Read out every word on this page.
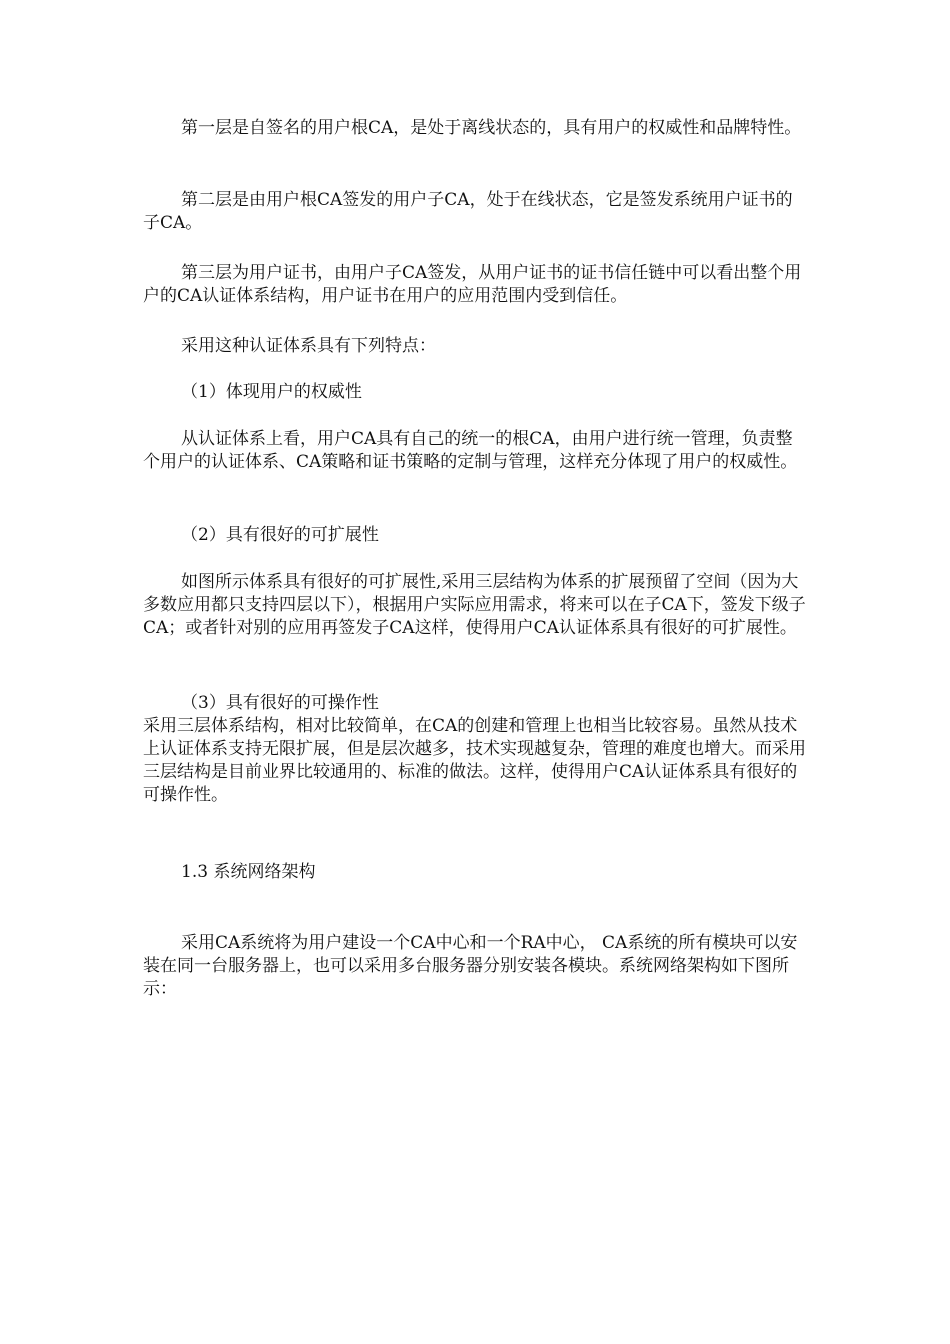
第一层是自签名的用户根CA，是处于离线状态的，具有用户的权威性和品牌特性。

第二层是由用户根CA签发的用户子CA，处于在线状态，它是签发系统用户证书的子CA。

第三层为用户证书，由用户子CA签发，从用户证书的证书信任链中可以看出整个用户的CA认证体系结构，用户证书在用户的应用范围内受到信任。

采用这种认证体系具有下列特点：

（1）体现用户的权威性

从认证体系上看，用户CA具有自己的统一的根CA，由用户进行统一管理，负责整个用户的认证体系、CA策略和证书策略的定制与管理，这样充分体现了用户的权威性。

（2）具有很好的可扩展性

如图所示体系具有很好的可扩展性,采用三层结构为体系的扩展预留了空间（因为大多数应用都只支持四层以下），根据用户实际应用需求，将来可以在子CA下，签发下级子CA；或者针对别的应用再签发子CA这样，使得用户CA认证体系具有很好的可扩展性。

（3）具有很好的可操作性

采用三层体系结构，相对比较简单，在CA的创建和管理上也相当比较容易。虽然从技术上认证体系支持无限扩展，但是层次越多，技术实现越复杂，管理的难度也增大。而采用三层结构是目前业界比较通用的、标准的做法。这样，使得用户CA认证体系具有很好的可操作性。

1.3 系统网络架构

采用CA系统将为用户建设一个CA中心和一个RA中心， CA系统的所有模块可以安装在同一台服务器上，也可以采用多台服务器分别安装各模块。系统网络架构如下图所示：
